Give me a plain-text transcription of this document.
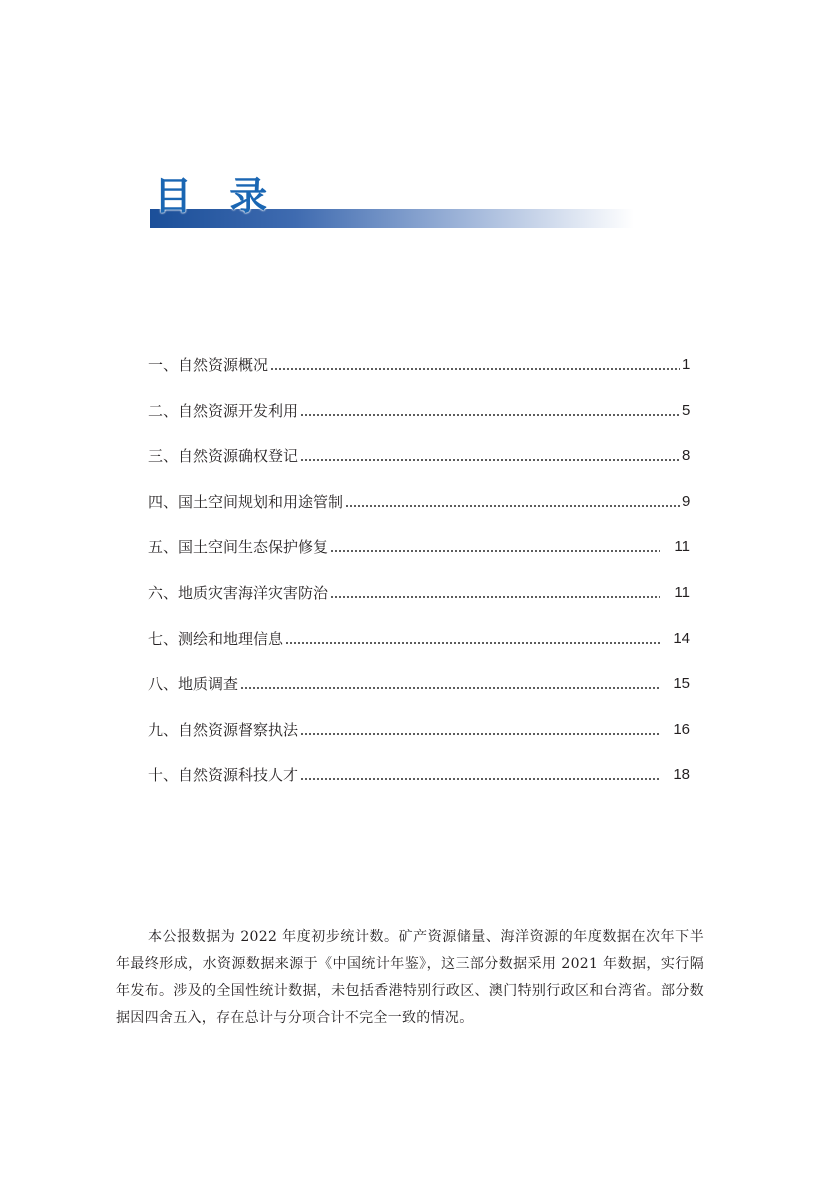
目 录
一、自然资源概况	1
二、自然资源开发利用	5
三、自然资源确权登记	8
四、国土空间规划和用途管制	9
五、国土空间生态保护修复	11
六、地质灾害海洋灾害防治	11
七、测绘和地理信息	14
八、地质调查	15
九、自然资源督察执法	16
十、自然资源科技人才	18

本公报数据为 2022 年度初步统计数。矿产资源储量、海洋资源的年度数据在次年下半年最终形成，水资源数据来源于《中国统计年鉴》，这三部分数据采用 2021 年数据，实行隔年发布。涉及的全国性统计数据，未包括香港特别行政区、澳门特别行政区和台湾省。部分数据因四舍五入，存在总计与分项合计不完全一致的情况。
